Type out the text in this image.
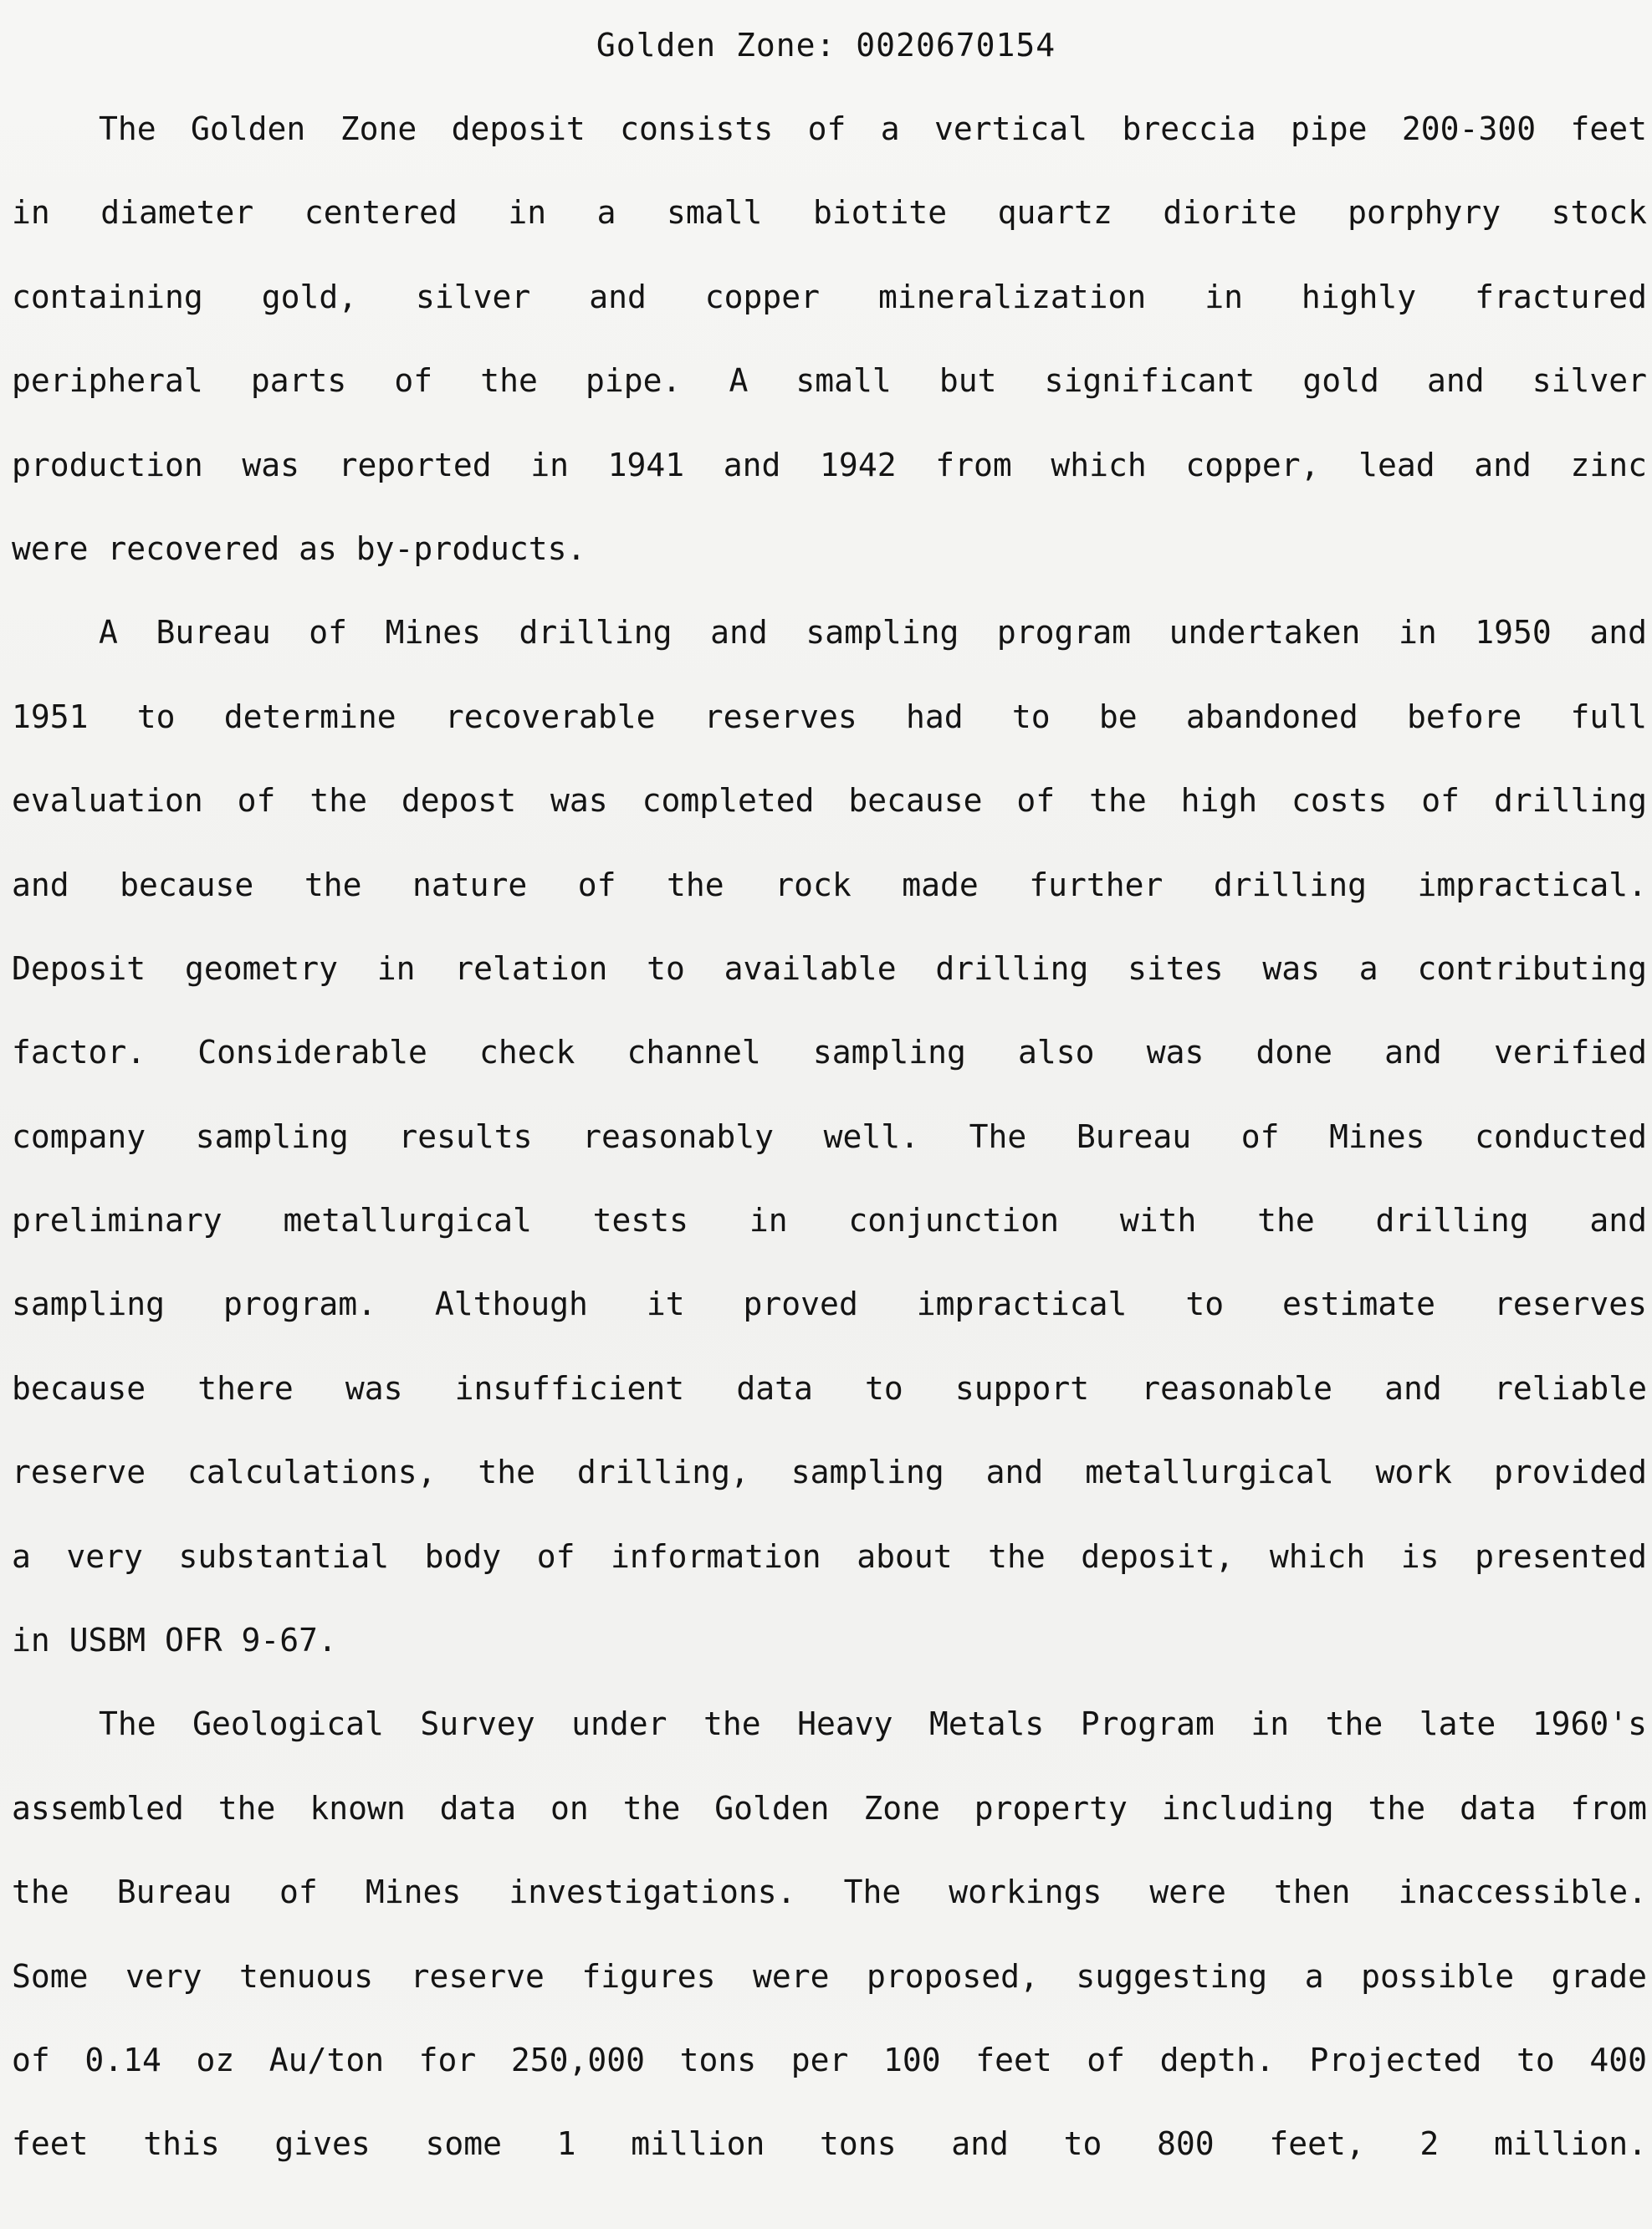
Golden Zone: 0020670154
The Golden Zone deposit consists of a vertical breccia pipe 200-300 feet
in diameter centered in a small biotite quartz diorite porphyry stock
containing gold, silver and copper mineralization in highly fractured
peripheral parts of the pipe. A small but significant gold and silver
production was reported in 1941 and 1942 from which copper, lead and zinc
were recovered as by-products.
A Bureau of Mines drilling and sampling program undertaken in 1950 and
1951 to determine recoverable reserves had to be abandoned before full
evaluation of the depost was completed because of the high costs of drilling
and because the nature of the rock made further drilling impractical.
Deposit geometry in relation to available drilling sites was a contributing
factor. Considerable check channel sampling also was done and verified
company sampling results reasonably well. The Bureau of Mines conducted
preliminary metallurgical tests in conjunction with the drilling and
sampling program. Although it proved impractical to estimate reserves
because there was insufficient data to support reasonable and reliable
reserve calculations, the drilling, sampling and metallurgical work provided
a very substantial body of information about the deposit, which is presented
in USBM OFR 9-67.
The Geological Survey under the Heavy Metals Program in the late 1960's
assembled the known data on the Golden Zone property including the data from
the Bureau of Mines investigations. The workings were then inaccessible.
Some very tenuous reserve figures were proposed, suggesting a possible grade
of 0.14 oz Au/ton for 250,000 tons per 100 feet of depth. Projected to 400
feet this gives some 1 million tons and to 800 feet, 2 million.
